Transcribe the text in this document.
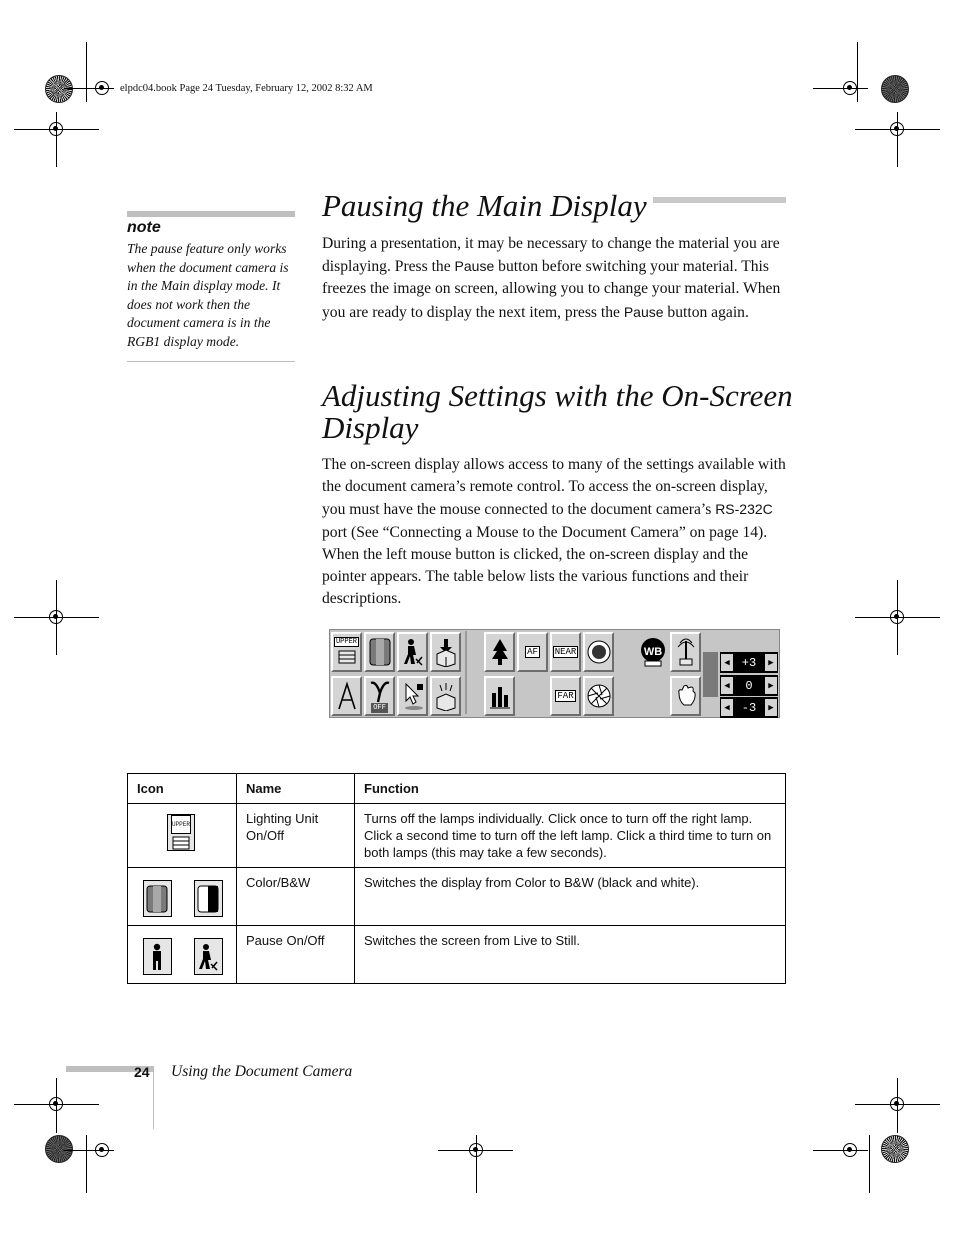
elpdc04.book Page 24 Tuesday, February 12, 2002 8:32 AM
note
The pause feature only works when the document camera is in the Main display mode. It does not work then the document camera is in the RGB1 display mode.
Pausing the Main Display
During a presentation, it may be necessary to change the material you are displaying. Press the Pause button before switching your material. This freezes the image on screen, allowing you to change your material. When you are ready to display the next item, press the Pause button again.
Adjusting Settings with the On-Screen
Display
The on-screen display allows access to many of the settings available with the document camera’s remote control. To access the on-screen display, you must have the mouse connected to the document camera’s RS-232C port (See “Connecting a Mouse to the Document Camera” on page 14). When the left mouse button is clicked, the on-screen display and the pointer appears. The table below lists the various functions and their descriptions.
UPPER
AF NEAR	WB
OFF
FAR
◀ +3	▶
◀ 0	▶
◀ -3	▶
Icon	Name	Function

UPPER	Lighting Unit On/Off	Turns off the lamps individually. Click once to turn off the right lamp. Click a second time to turn off the left lamp. Click a third time to turn on both lamps (this may take a few seconds).

	Color/B&W	Switches the display from Color to B&W (black and white).

	Pause On/Off	Switches the screen from Live to Still.
24 Using the Document Camera
